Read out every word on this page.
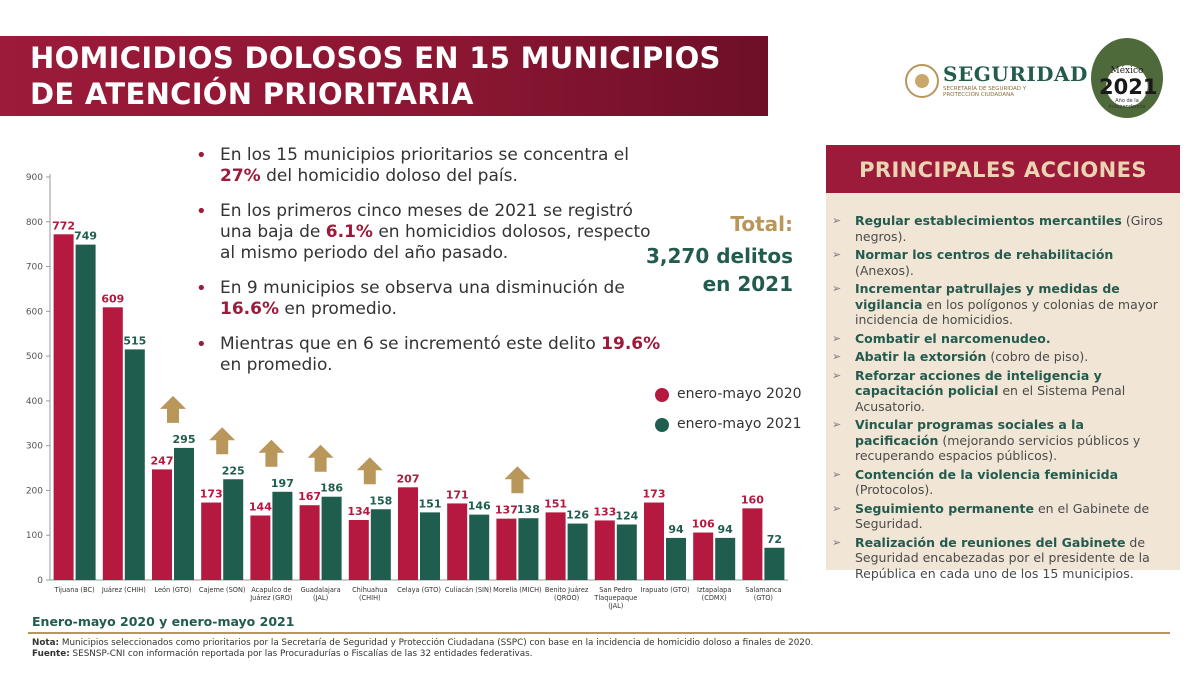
HOMICIDIOS DOLOSOS EN 15 MUNICIPIOS
DE ATENCIÓN PRIORITARIA
SEGURIDAD
SECRETARÍA DE SEGURIDAD Y PROTECCIÓN CIUDADANA
México
2021
Año de la Independencia
• En los 15 municipios prioritarios se concentra el 27% del homicidio doloso del país.
• En los primeros cinco meses de 2021 se registró una baja de 6.1% en homicidios dolosos, respecto al mismo periodo del año pasado.
• En 9 municipios se observa una disminución de 16.6% en promedio.
• Mientras que en 6 se incrementó este delito 19.6% en promedio.
Total:
3,270 delitos
en 2021
enero-mayo 2020
enero-mayo 2021
PRINCIPALES ACCIONES
➢ Regular establecimientos mercantiles (Giros negros).
➢ Normar los centros de rehabilitación (Anexos).
➢ Incrementar patrullajes y medidas de vigilancia en los polígonos y colonias de mayor incidencia de homicidios.
➢ Combatir el narcomenudeo.
➢ Abatir la extorsión (cobro de piso).
➢ Reforzar acciones de inteligencia y capacitación policial en el Sistema Penal Acusatorio.
➢ Vincular programas sociales a la pacificación (mejorando servicios públicos y recuperando espacios públicos).
➢ Contención de la violencia feminicida (Protocolos).
➢ Seguimiento permanente en el Gabinete de Seguridad.
➢ Realización de reuniones del Gabinete de Seguridad encabezadas por el presidente de la República en cada uno de los 15 municipios.
0
100
200
300
400
500
600
700
800
900
772
749
Tijuana (BC)
609
515
Juárez (CHIH)
247
295
León (GTO)
173
225
Cajeme (SON)
144
197
Acapulco de
Juárez (GRO)
167
186
Guadalajara
(JAL)
134
158
Chihuahua
(CHIH)
207
151
Celaya (GTO)
171
146
Culiacán (SIN)
137 138
Morelia (MICH)
151
126
Benito Juárez
(QROO)
133 124
San Pedro
Tlaquepaque
(JAL)
173
94
Irapuato (GTO)
106 94
Iztapalapa
(CDMX)
160
72
Salamanca
(GTO)
Enero-mayo 2020 y enero-mayo 2021
Nota: Municipios seleccionados como prioritarios por la Secretaría de Seguridad y Protección Ciudadana (SSPC) con base en la incidencia de homicidio doloso a finales de 2020.
Fuente: SESNSP-CNI con información reportada por las Procuradurías o Fiscalías de las 32 entidades federativas.
